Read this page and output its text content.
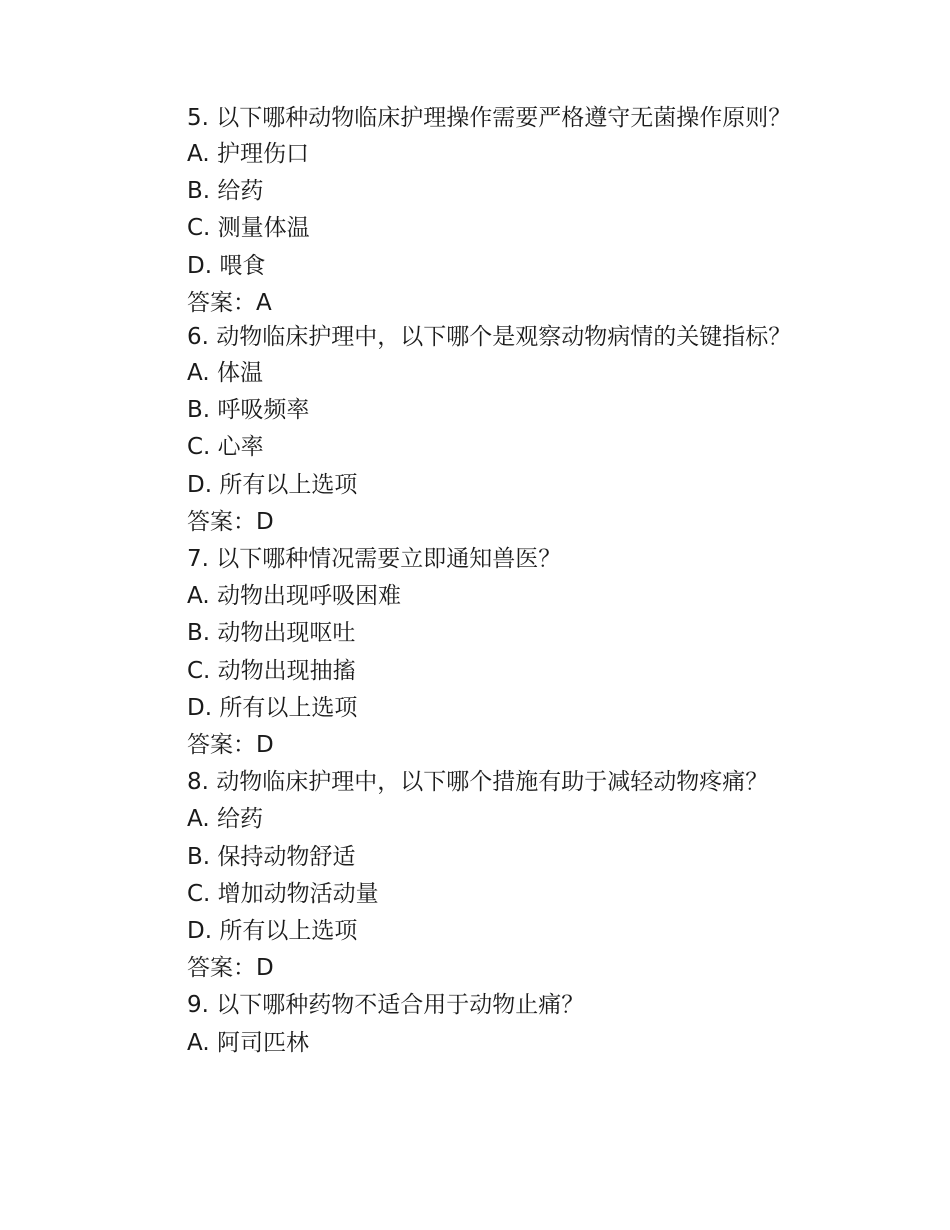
5. 以下哪种动物临床护理操作需要严格遵守无菌操作原则？

A. 护理伤口

B. 给药

C. 测量体温

D. 喂食

答案：A

6. 动物临床护理中，以下哪个是观察动物病情的关键指标？

A. 体温

B. 呼吸频率

C. 心率

D. 所有以上选项

答案：D

7. 以下哪种情况需要立即通知兽医？

A. 动物出现呼吸困难

B. 动物出现呕吐

C. 动物出现抽搐

D. 所有以上选项

答案：D

8. 动物临床护理中，以下哪个措施有助于减轻动物疼痛？

A. 给药

B. 保持动物舒适

C. 增加动物活动量

D. 所有以上选项

答案：D

9. 以下哪种药物不适合用于动物止痛？

A. 阿司匹林
